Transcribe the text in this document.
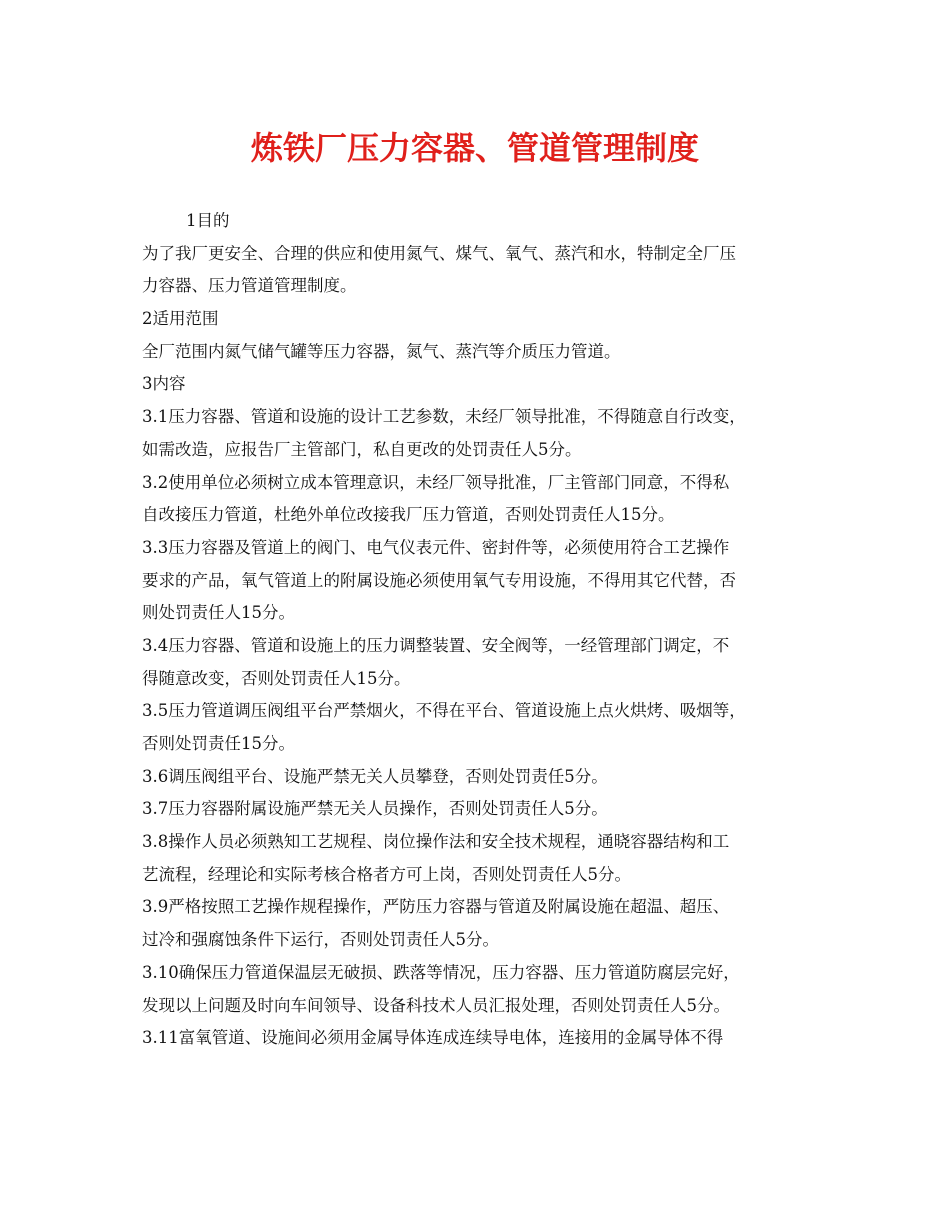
炼铁厂压力容器、管道管理制度
1目的
为了我厂更安全、合理的供应和使用氮气、煤气、氧气、蒸汽和水，特制定全厂压
力容器、压力管道管理制度。
2适用范围
全厂范围内氮气储气罐等压力容器，氮气、蒸汽等介质压力管道。
3内容
3.1压力容器、管道和设施的设计工艺参数，未经厂领导批准，不得随意自行改变，
如需改造，应报告厂主管部门，私自更改的处罚责任人5分。
3.2使用单位必须树立成本管理意识，未经厂领导批准，厂主管部门同意，不得私
自改接压力管道，杜绝外单位改接我厂压力管道，否则处罚责任人15分。
3.3压力容器及管道上的阀门、电气仪表元件、密封件等，必须使用符合工艺操作
要求的产品，氧气管道上的附属设施必须使用氧气专用设施，不得用其它代替，否
则处罚责任人15分。
3.4压力容器、管道和设施上的压力调整装置、安全阀等，一经管理部门调定，不
得随意改变，否则处罚责任人15分。
3.5压力管道调压阀组平台严禁烟火，不得在平台、管道设施上点火烘烤、吸烟等，
否则处罚责任15分。
3.6调压阀组平台、设施严禁无关人员攀登，否则处罚责任5分。
3.7压力容器附属设施严禁无关人员操作，否则处罚责任人5分。
3.8操作人员必须熟知工艺规程、岗位操作法和安全技术规程，通晓容器结构和工
艺流程，经理论和实际考核合格者方可上岗，否则处罚责任人5分。
3.9严格按照工艺操作规程操作，严防压力容器与管道及附属设施在超温、超压、
过冷和强腐蚀条件下运行，否则处罚责任人5分。
3.10确保压力管道保温层无破损、跌落等情况，压力容器、压力管道防腐层完好，
发现以上问题及时向车间领导、设备科技术人员汇报处理，否则处罚责任人5分。
3.11富氧管道、设施间必须用金属导体连成连续导电体，连接用的金属导体不得
